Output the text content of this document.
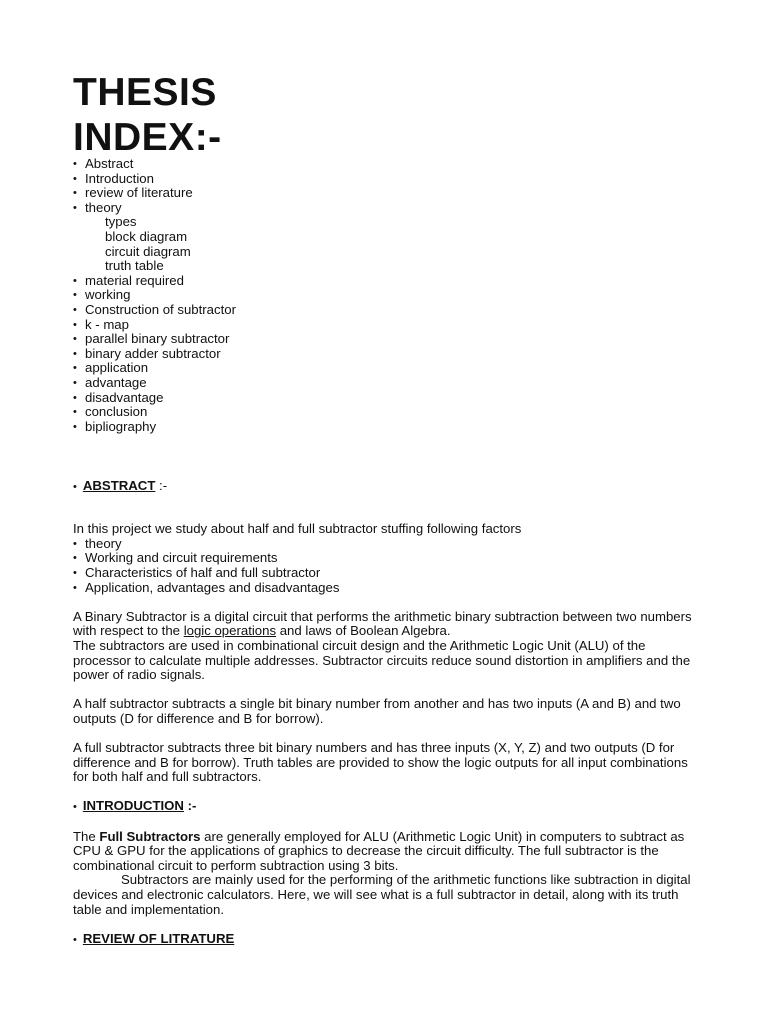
THESIS
INDEX:-
• Abstract
• Introduction
• review of literature
• theory
types
block diagram
circuit diagram
truth table
• material required
• working
• Construction of subtractor
• k - map
• parallel binary subtractor
• binary adder subtractor
• application
• advantage
• disadvantage
• conclusion
• bipliography

• ABSTRACT :-

In this project we study about half and full subtractor stuffing following factors

• theory
• Working and circuit requirements
• Characteristics of half and full subtractor
• Application, advantages and disadvantages

A Binary Subtractor is a digital circuit that performs the arithmetic binary subtraction between two numbers with respect to the logic operations and laws of Boolean Algebra.

The subtractors are used in combinational circuit design and the Arithmetic Logic Unit (ALU) of the processor to calculate multiple addresses. Subtractor circuits reduce sound distortion in amplifiers and the power of radio signals.

A half subtractor subtracts a single bit binary number from another and has two inputs (A and B) and two outputs (D for difference and B for borrow).

A full subtractor subtracts three bit binary numbers and has three inputs (X, Y, Z) and two outputs (D for difference and B for borrow). Truth tables are provided to show the logic outputs for all input combinations for both half and full subtractors.

• INTRODUCTION :-

The Full Subtractors are generally employed for ALU (Arithmetic Logic Unit) in computers to subtract as CPU & GPU for the applications of graphics to decrease the circuit difficulty. The full subtractor is the combinational circuit to perform subtraction using 3 bits.

Subtractors are mainly used for the performing of the arithmetic functions like subtraction in digital devices and electronic calculators. Here, we will see what is a full subtractor in detail, along with its truth table and implementation.

• REVIEW OF LITRATURE
